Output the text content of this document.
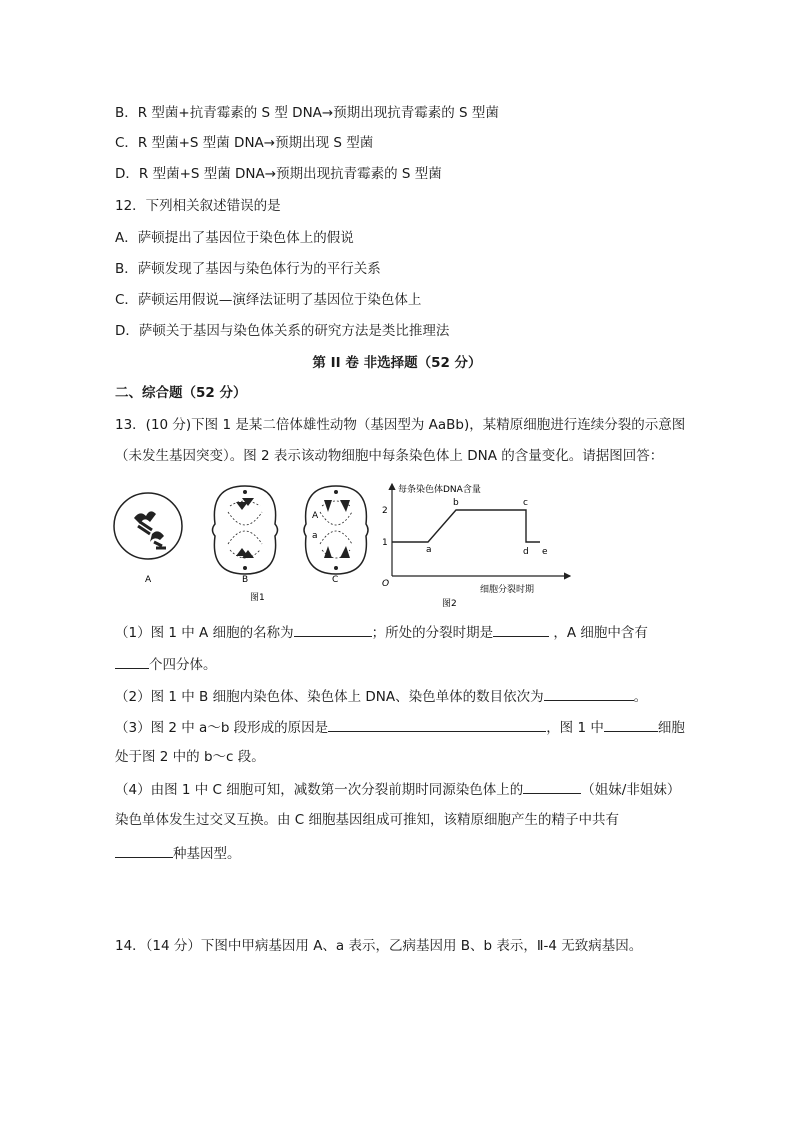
B．R 型菌+抗青霉素的 S 型 DNA→预期出现抗青霉素的 S 型菌
C．R 型菌+S 型菌 DNA→预期出现 S 型菌
D．R 型菌+S 型菌 DNA→预期出现抗青霉素的 S 型菌
12．下列相关叙述错误的是
A．萨顿提出了基因位于染色体上的假说
B．萨顿发现了基因与染色体行为的平行关系
C．萨顿运用假说—演绎法证明了基因位于染色体上
D．萨顿关于基因与染色体关系的研究方法是类比推理法
第 II 卷 非选择题（52 分）
二、综合题（52 分）
13．(10 分)下图 1 是某二倍体雄性动物（基因型为 AaBb)，某精原细胞进行连续分裂的示意图
（未发生基因突变）。图 2 表示该动物细胞中每条染色体上 DNA 的含量变化。请据图回答：
A	B	C
A
a
图1
每条染色体DNA含量
O
2
1
a
b	c
d e
细胞分裂时期
图2
（1）图 1 中 A 细胞的名称为	；所处的分裂时期是	，A 细胞中含有
个四分体。
（2）图 1 中 B 细胞内染色体、染色体上 DNA、染色单体的数目依次为	。
（3）图 2 中 a～b 段形成的原因是	，图 1 中	细胞
处于图 2 中的 b～c 段。
（4）由图 1 中 C 细胞可知，减数第一次分裂前期时同源染色体上的	（姐妹/非姐妹）
染色单体发生过交叉互换。由 C 细胞基因组成可推知，该精原细胞产生的精子中共有
种基因型。
14．（14 分）下图中甲病基因用 A、a 表示，乙病基因用 B、b 表示，Ⅱ-4 无致病基因。
